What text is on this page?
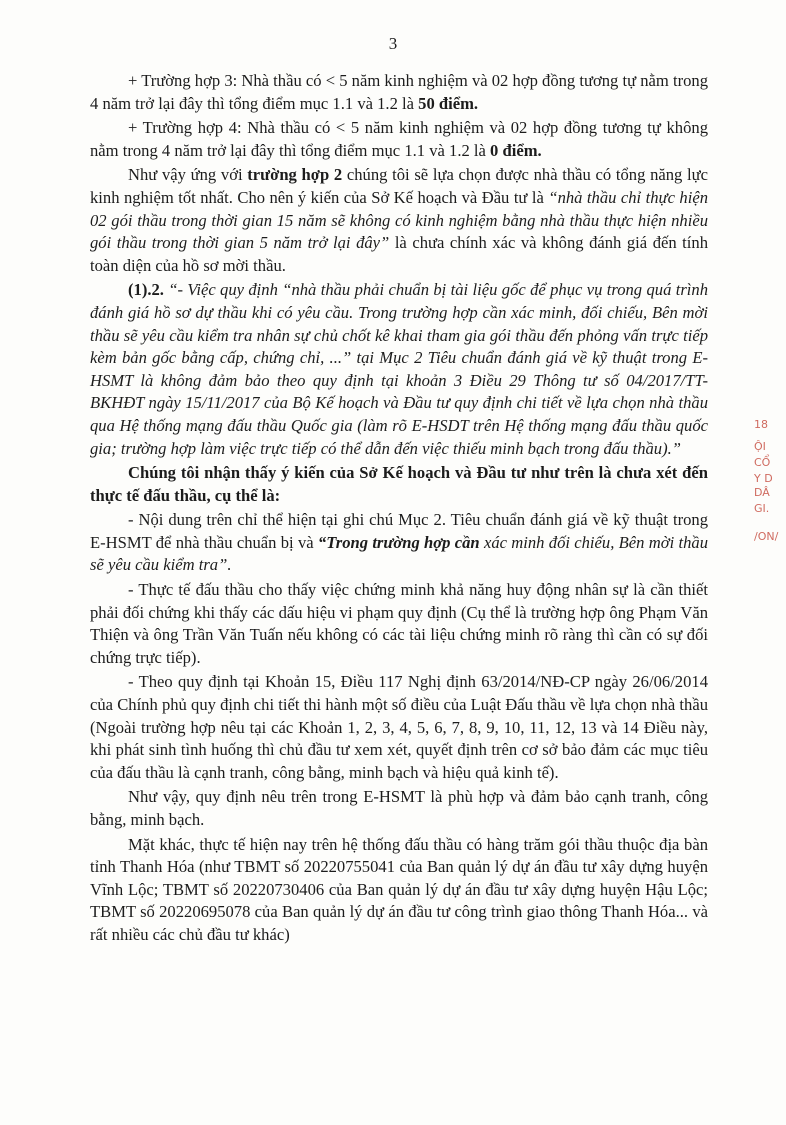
3

+ Trường hợp 3: Nhà thầu có < 5 năm kinh nghiệm và 02 hợp đồng tương tự nằm trong 4 năm trở lại đây thì tổng điểm mục 1.1 và 1.2 là 50 điểm.

+ Trường hợp 4: Nhà thầu có < 5 năm kinh nghiệm và 02 hợp đồng tương tự không nằm trong 4 năm trở lại đây thì tổng điểm mục 1.1 và 1.2 là 0 điểm.

Như vậy ứng với trường hợp 2 chúng tôi sẽ lựa chọn được nhà thầu có tổng năng lực kinh nghiệm tốt nhất. Cho nên ý kiến của Sở Kế hoạch và Đầu tư là “nhà thầu chỉ thực hiện 02 gói thầu trong thời gian 15 năm sẽ không có kinh nghiệm bằng nhà thầu thực hiện nhiều gói thầu trong thời gian 5 năm trở lại đây” là chưa chính xác và không đánh giá đến tính toàn diện của hồ sơ mời thầu.

(1).2. “- Việc quy định “nhà thầu phải chuẩn bị tài liệu gốc để phục vụ trong quá trình đánh giá hồ sơ dự thầu khi có yêu cầu. Trong trường hợp cần xác minh, đối chiếu, Bên mời thầu sẽ yêu cầu kiểm tra nhân sự chủ chốt kê khai tham gia gói thầu đến phỏng vấn trực tiếp kèm bản gốc bằng cấp, chứng chỉ, ...” tại Mục 2 Tiêu chuẩn đánh giá về kỹ thuật trong E-HSMT là không đảm bảo theo quy định tại khoản 3 Điều 29 Thông tư số 04/2017/TT-BKHĐT ngày 15/11/2017 của Bộ Kế hoạch và Đầu tư quy định chi tiết về lựa chọn nhà thầu qua Hệ thống mạng đấu thầu Quốc gia (làm rõ E-HSDT trên Hệ thống mạng đấu thầu quốc gia; trường hợp làm việc trực tiếp có thể dẫn đến việc thiếu minh bạch trong đấu thầu).”

Chúng tôi nhận thấy ý kiến của Sở Kế hoạch và Đầu tư như trên là chưa xét đến thực tế đấu thầu, cụ thể là:

- Nội dung trên chỉ thể hiện tại ghi chú Mục 2. Tiêu chuẩn đánh giá về kỹ thuật trong E-HSMT để nhà thầu chuẩn bị và “Trong trường hợp cần xác minh đối chiếu, Bên mời thầu sẽ yêu cầu kiểm tra”.

- Thực tế đấu thầu cho thấy việc chứng minh khả năng huy động nhân sự là cần thiết phải đối chứng khi thấy các dấu hiệu vi phạm quy định (Cụ thể là trường hợp ông Phạm Văn Thiện và ông Trần Văn Tuấn nếu không có các tài liệu chứng minh rõ ràng thì cần có sự đối chứng trực tiếp).

- Theo quy định tại Khoản 15, Điều 117 Nghị định 63/2014/NĐ-CP ngày 26/06/2014 của Chính phủ quy định chi tiết thi hành một số điều của Luật Đấu thầu về lựa chọn nhà thầu (Ngoài trường hợp nêu tại các Khoản 1, 2, 3, 4, 5, 6, 7, 8, 9, 10, 11, 12, 13 và 14 Điều này, khi phát sinh tình huống thì chủ đầu tư xem xét, quyết định trên cơ sở bảo đảm các mục tiêu của đấu thầu là cạnh tranh, công bằng, minh bạch và hiệu quả kinh tế).

Như vậy, quy định nêu trên trong E-HSMT là phù hợp và đảm bảo cạnh tranh, công bằng, minh bạch.

Mặt khác, thực tế hiện nay trên hệ thống đấu thầu có hàng trăm gói thầu thuộc địa bàn tỉnh Thanh Hóa (như TBMT số 20220755041 của Ban quản lý dự án đầu tư xây dựng huyện Vĩnh Lộc; TBMT số 20220730406 của Ban quản lý dự án đầu tư xây dựng huyện Hậu Lộc; TBMT số 20220695078 của Ban quản lý dự án đầu tư công trình giao thông Thanh Hóa... và rất nhiều các chủ đầu tư khác)

18
ỘI
CỔ
Y D
DÂ
GI.
/ON/
